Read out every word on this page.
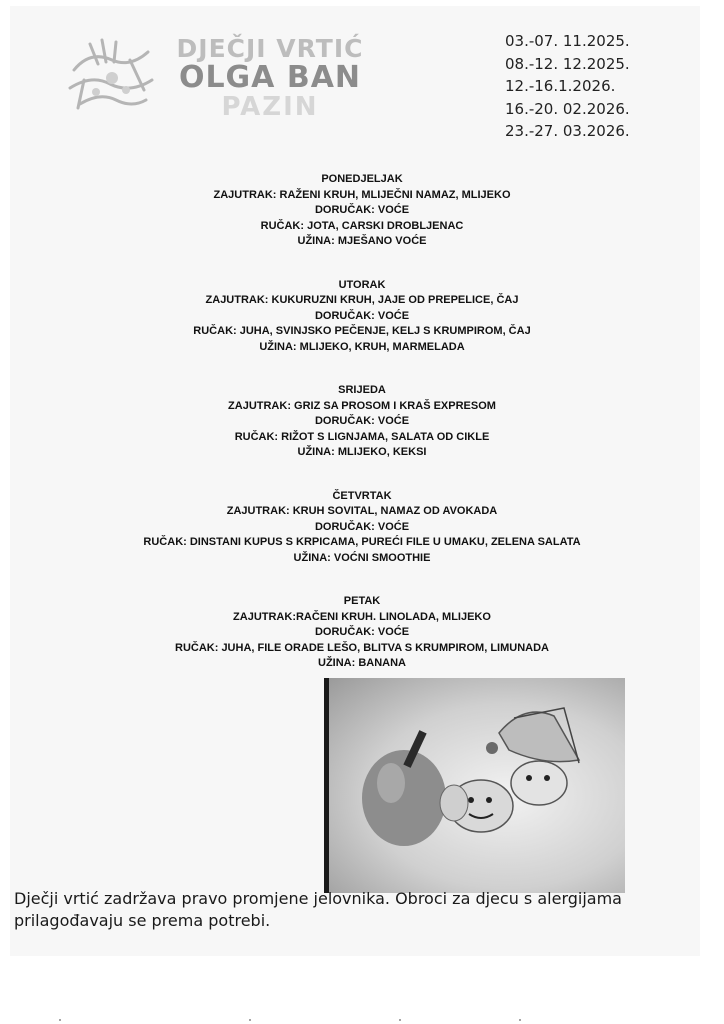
DJEČJI VRTIĆ
OLGA BAN
PAZIN
03.-07. 11.2025.
08.-12. 12.2025.
12.-16.1.2026.
16.-20. 02.2026.
23.-27. 03.2026.
PONEDJELJAK
ZAJUTRAK: RAŽENI KRUH, MLIJEČNI NAMAZ, MLIJEKO
DORUČAK: VOĆE
RUČAK: JOTA, CARSKI DROBLJENAC
UŽINA: MJEŠANO VOĆE
UTORAK
ZAJUTRAK: KUKURUZNI KRUH, JAJE OD PREPELICE, ČAJ
DORUČAK: VOĆE
RUČAK: JUHA, SVINJSKO PEČENJE, KELJ S KRUMPIROM, ČAJ
UŽINA: MLIJEKO, KRUH, MARMELADA
SRIJEDA
ZAJUTRAK: GRIZ SA PROSOM I KRAŠ EXPRESOM
DORUČAK: VOĆE
RUČAK: RIŽOT S LIGNJAMA, SALATA OD CIKLE
UŽINA: MLIJEKO, KEKSI
ČETVRTAK
ZAJUTRAK: KRUH SOVITAL, NAMAZ OD AVOKADA
DORUČAK: VOĆE
RUČAK: DINSTANI KUPUS S KRPICAMA, PUREĆI FILE U UMAKU, ZELENA SALATA
UŽINA: VOĆNI SMOOTHIE
PETAK
ZAJUTRAK:RAČENI KRUH. LINOLADA, MLIJEKO
DORUČAK: VOĆE
RUČAK: JUHA, FILE ORADE LEŠO, BLITVA S KRUMPIROM, LIMUNADA
UŽINA: BANANA
Dječji vrtić zadržava pravo promjene jelovnika. Obroci za djecu s alergijama prilagođavaju se prema potrebi.
